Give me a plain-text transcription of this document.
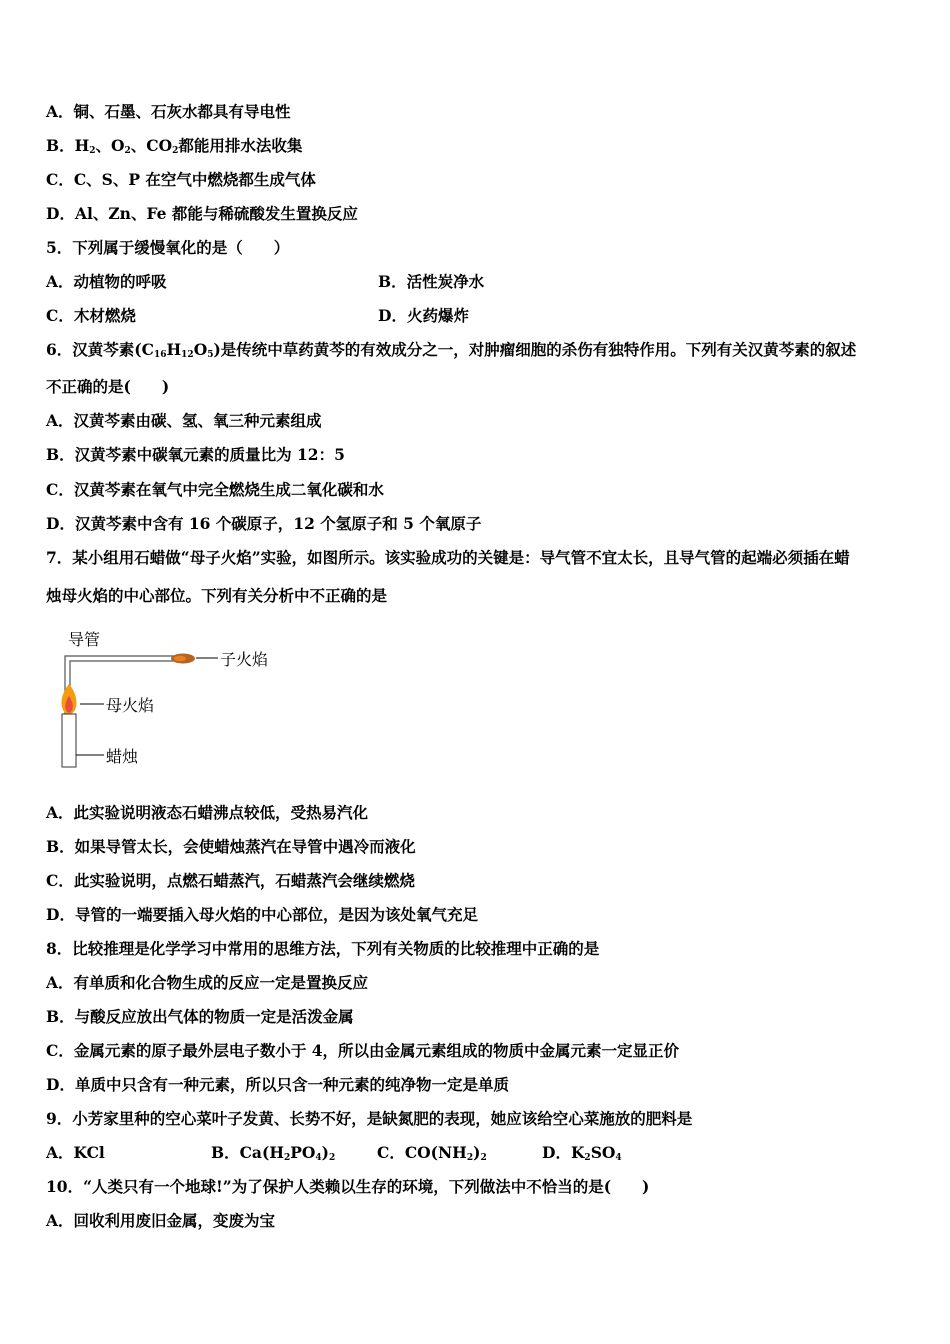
A．铜、石墨、石灰水都具有导电性
B．$H_2$、$O_2$、$CO_2$都能用排水法收集
C．C、S、P 在空气中燃烧都生成气体
D．Al、Zn、Fe 都能与稀硫酸发生置换反应
5．下列属于缓慢氧化的是（　　）
A．动植物的呼吸	B．活性炭净水
C．木材燃烧	D．火药爆炸
6．汉黄芩素$(C_{16}H_{12}O_5)$是传统中草药黄芩的有效成分之一，对肿瘤细胞的杀伤有独特作用。下列有关汉黄芩素的叙述
不正确的是(　　)
A．汉黄芩素由碳、氢、氧三种元素组成
B．汉黄芩素中碳氧元素的质量比为 12：5
C．汉黄芩素在氧气中完全燃烧生成二氧化碳和水
D．汉黄芩素中含有 16 个碳原子，12 个氢原子和 5 个氧原子
7．某小组用石蜡做“母子火焰”实验，如图所示。该实验成功的关键是：导气管不宜太长，且导气管的起端必须插在蜡
烛母火焰的中心部位。下列有关分析中不正确的是
导管
子火焰
母火焰
蜡烛
A．此实验说明液态石蜡沸点较低，受热易汽化
B．如果导管太长，会使蜡烛蒸汽在导管中遇冷而液化
C．此实验说明，点燃石蜡蒸汽，石蜡蒸汽会继续燃烧
D．导管的一端要插入母火焰的中心部位，是因为该处氧气充足
8．比较推理是化学学习中常用的思维方法，下列有关物质的比较推理中正确的是
A．有单质和化合物生成的反应一定是置换反应
B．与酸反应放出气体的物质一定是活泼金属
C．金属元素的原子最外层电子数小于 4，所以由金属元素组成的物质中金属元素一定显正价
D．单质中只含有一种元素，所以只含一种元素的纯净物一定是单质
9．小芳家里种的空心菜叶子发黄、长势不好，是缺氮肥的表现，她应该给空心菜施放的肥料是
A．KCl	B．$Ca(H_2PO_4)_2$	C．$CO(NH_2)_2$	D．$K_2SO_4$
10．“人类只有一个地球!”为了保护人类赖以生存的环境，下列做法中不恰当的是(　　)
A．回收利用废旧金属，变废为宝
